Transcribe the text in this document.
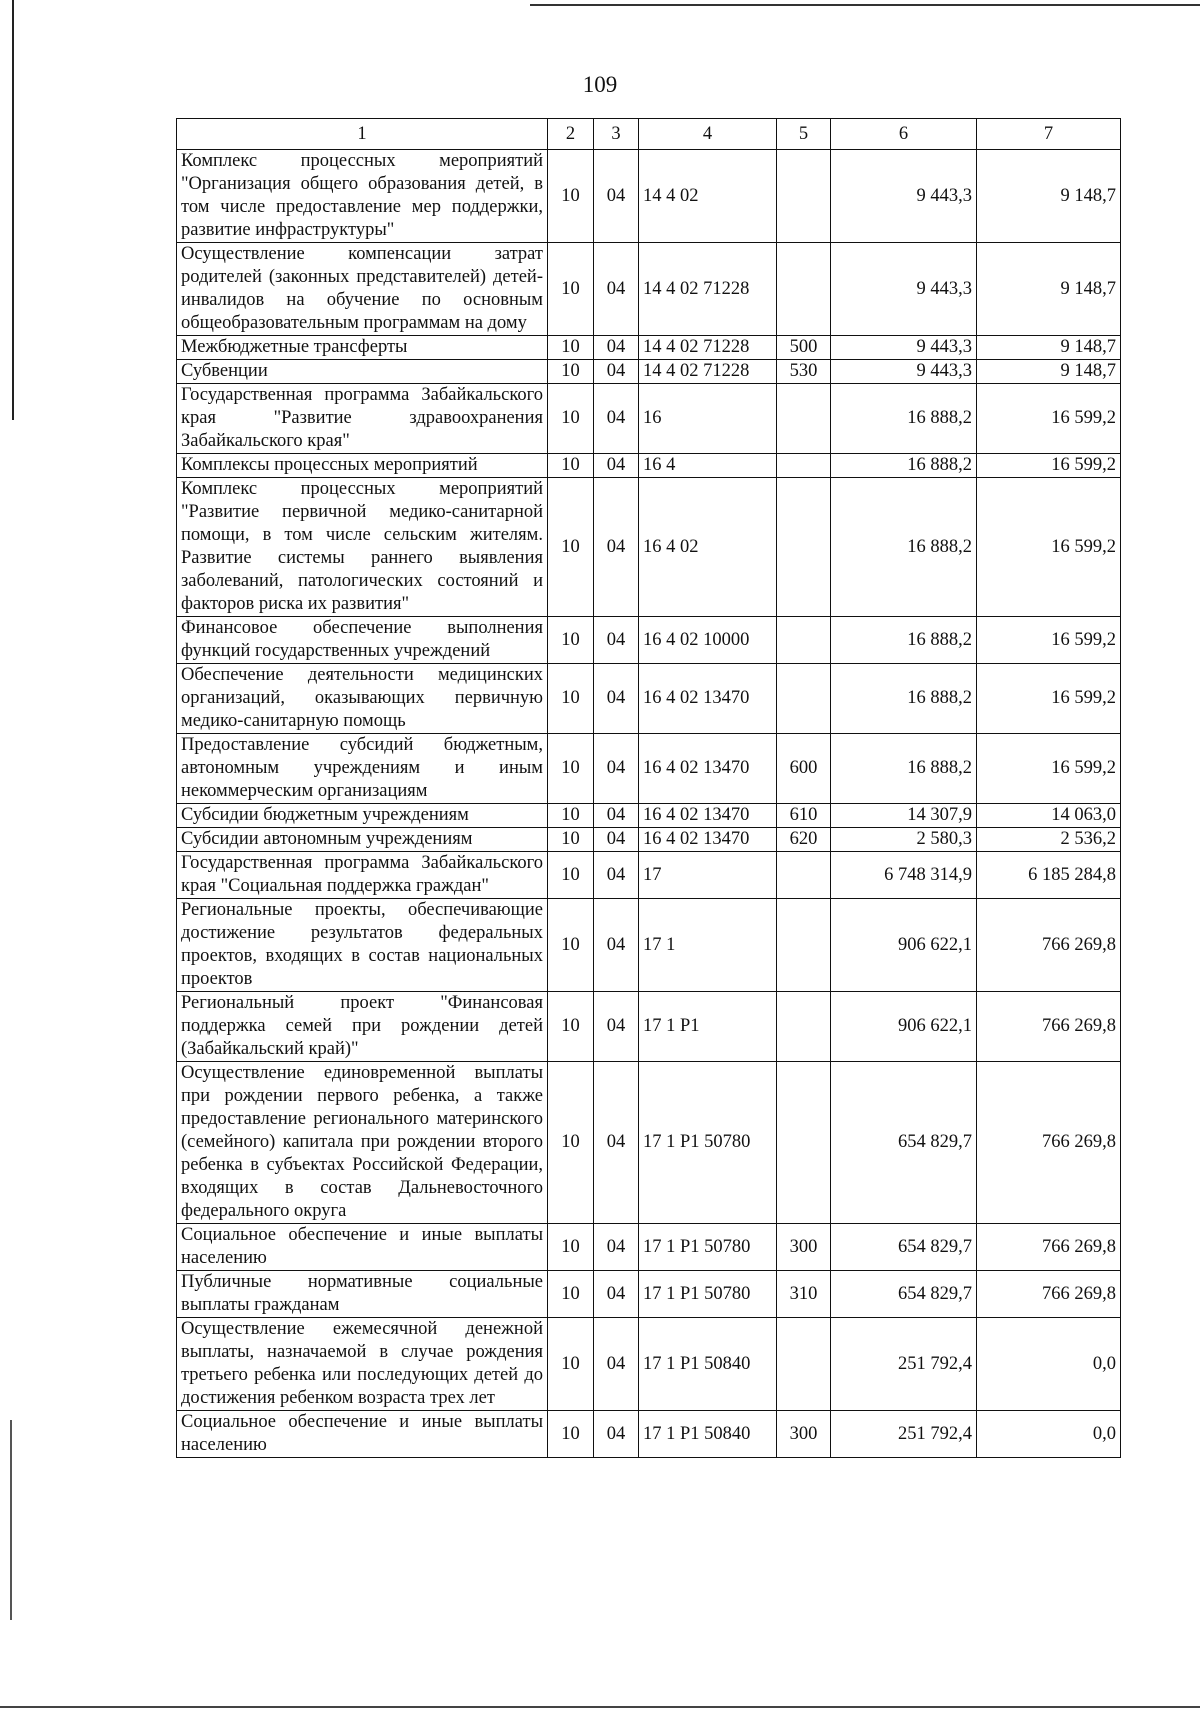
109
1	2	3	4	5	6	7
Комплекс процессных мероприятий "Организация общего образования детей, в том числе предоставление мер поддержки, развитие инфраструктуры"	10	04	14 4 02		9 443,3	9 148,7
Осуществление компенсации затрат родителей (законных представителей) детей-инвалидов на обучение по основным общеобразовательным программам на дому	10	04	14 4 02 71228		9 443,3	9 148,7
Межбюджетные трансферты	10	04	14 4 02 71228	500	9 443,3	9 148,7
Субвенции	10	04	14 4 02 71228	530	9 443,3	9 148,7
Государственная программа Забайкальского края "Развитие здравоохранения Забайкальского края"	10	04	16		16 888,2	16 599,2
Комплексы процессных мероприятий	10	04	16 4		16 888,2	16 599,2
Комплекс процессных мероприятий "Развитие первичной медико-санитарной помощи, в том числе сельским жителям. Развитие системы раннего выявления заболеваний, патологических состояний и факторов риска их развития"	10	04	16 4 02		16 888,2	16 599,2
Финансовое обеспечение выполнения функций государственных учреждений	10	04	16 4 02 10000		16 888,2	16 599,2
Обеспечение деятельности медицинских организаций, оказывающих первичную медико-санитарную помощь	10	04	16 4 02 13470		16 888,2	16 599,2
Предоставление субсидий бюджетным, автономным учреждениям и иным некоммерческим организациям	10	04	16 4 02 13470	600	16 888,2	16 599,2
Субсидии бюджетным учреждениям	10	04	16 4 02 13470	610	14 307,9	14 063,0
Субсидии автономным учреждениям	10	04	16 4 02 13470	620	2 580,3	2 536,2
Государственная программа Забайкальского края "Социальная поддержка граждан"	10	04	17		6 748 314,9	6 185 284,8
Региональные проекты, обеспечивающие достижение результатов федеральных проектов, входящих в состав национальных проектов	10	04	17 1		906 622,1	766 269,8
Региональный проект "Финансовая поддержка семей при рождении детей (Забайкальский край)"	10	04	17 1 P1		906 622,1	766 269,8
Осуществление единовременной выплаты при рождении первого ребенка, а также предоставление регионального материнского (семейного) капитала при рождении второго ребенка в субъектах Российской Федерации, входящих в состав Дальневосточного федерального округа	10	04	17 1 P1 50780		654 829,7	766 269,8
Социальное обеспечение и иные выплаты населению	10	04	17 1 P1 50780	300	654 829,7	766 269,8
Публичные нормативные социальные выплаты гражданам	10	04	17 1 P1 50780	310	654 829,7	766 269,8
Осуществление ежемесячной денежной выплаты, назначаемой в случае рождения третьего ребенка или последующих детей до достижения ребенком возраста трех лет	10	04	17 1 P1 50840		251 792,4	0,0
Социальное обеспечение и иные выплаты населению	10	04	17 1 P1 50840	300	251 792,4	0,0
